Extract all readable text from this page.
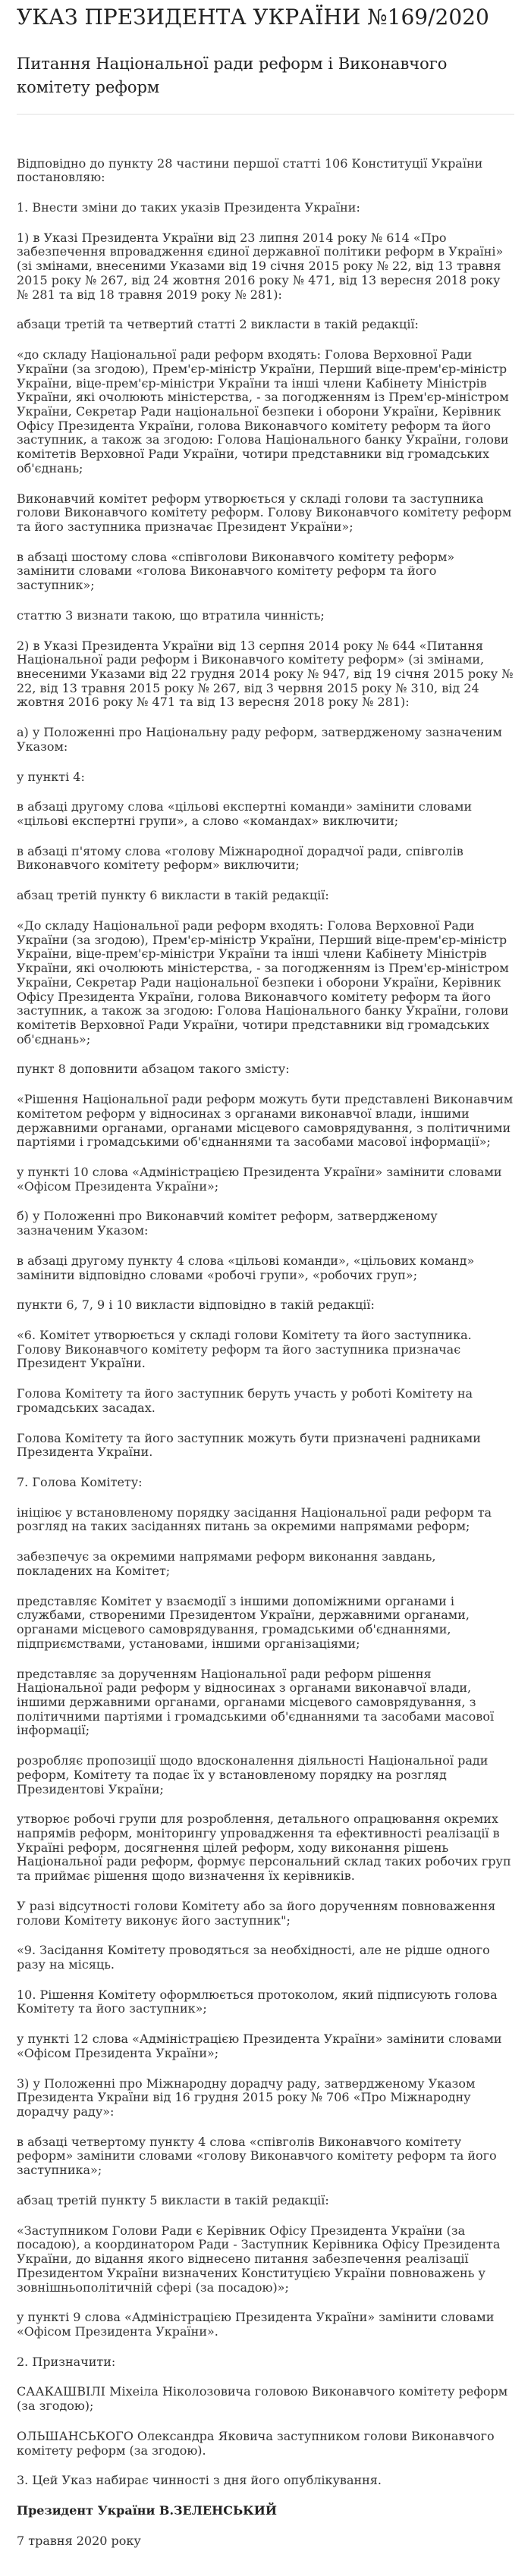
УКАЗ ПРЕЗИДЕНТА УКРАЇНИ №169/2020
Питання Національної ради реформ і Виконавчого комітету реформ

Відповідно до пункту 28 частини першої статті 106 Конституції України постановляю:

1. Внести зміни до таких указів Президента України:

1) в Указі Президента України від 23 липня 2014 року № 614 «Про забезпечення впровадження єдиної державної політики реформ в Україні» (зі змінами, внесеними Указами від 19 січня 2015 року № 22, від 13 травня 2015 року № 267, від 24 жовтня 2016 року № 471, від 13 вересня 2018 року № 281 та від 18 травня 2019 року № 281):

абзаци третій та четвертий статті 2 викласти в такій редакції:

«до складу Національної ради реформ входять: Голова Верховної Ради України (за згодою), Прем'єр-міністр України, Перший віце-прем'єр-міністр України, віце-прем'єр-міністри України та інші члени Кабінету Міністрів України, які очолюють міністерства, - за погодженням із Прем'єр-міністром України, Секретар Ради національної безпеки і оборони України, Керівник Офісу Президента України, голова Виконавчого комітету реформ та його заступник, а також за згодою: Голова Національного банку України, голови комітетів Верховної Ради України, чотири представники від громадських об'єднань;

Виконавчий комітет реформ утворюється у складі голови та заступника голови Виконавчого комітету реформ. Голову Виконавчого комітету реформ та його заступника призначає Президент України»;

в абзаці шостому слова «співголови Виконавчого комітету реформ» замінити словами «голова Виконавчого комітету реформ та його заступник»;

статтю 3 визнати такою, що втратила чинність;

2) в Указі Президента України від 13 серпня 2014 року № 644 «Питання Національної ради реформ і Виконавчого комітету реформ» (зі змінами, внесеними Указами від 22 грудня 2014 року № 947, від 19 січня 2015 року № 22, від 13 травня 2015 року № 267, від 3 червня 2015 року № 310, від 24 жовтня 2016 року № 471 та від 13 вересня 2018 року № 281):

а) у Положенні про Національну раду реформ, затвердженому зазначеним Указом:

у пункті 4:

в абзаці другому слова «цільові експертні команди» замінити словами «цільові експертні групи», а слово «командах» виключити;

в абзаці п'ятому слова «голову Міжнародної дорадчої ради, співголів Виконавчого комітету реформ» виключити;

абзац третій пункту 6 викласти в такій редакції:

«До складу Національної ради реформ входять: Голова Верховної Ради України (за згодою), Прем'єр-міністр України, Перший віце-прем'єр-міністр України, віце-прем'єр-міністри України та інші члени Кабінету Міністрів України, які очолюють міністерства, - за погодженням із Прем'єр-міністром України, Секретар Ради національної безпеки і оборони України, Керівник Офісу Президента України, голова Виконавчого комітету реформ та його заступник, а також за згодою: Голова Національного банку України, голови комітетів Верховної Ради України, чотири представники від громадських об'єднань»;

пункт 8 доповнити абзацом такого змісту:

«Рішення Національної ради реформ можуть бути представлені Виконавчим комітетом реформ у відносинах з органами виконавчої влади, іншими державними органами, органами місцевого самоврядування, з політичними партіями і громадськими об'єднаннями та засобами масової інформації»;

у пункті 10 слова «Адміністрацією Президента України» замінити словами «Офісом Президента України»;

б) у Положенні про Виконавчий комітет реформ, затвердженому зазначеним Указом:

в абзаці другому пункту 4 слова «цільові команди», «цільових команд» замінити відповідно словами «робочі групи», «робочих груп»;

пункти 6, 7, 9 і 10 викласти відповідно в такій редакції:

«6. Комітет утворюється у складі голови Комітету та його заступника. Голову Виконавчого комітету реформ та його заступника призначає Президент України.

Голова Комітету та його заступник беруть участь у роботі Комітету на громадських засадах.

Голова Комітету та його заступник можуть бути призначені радниками Президента України.

7. Голова Комітету:

ініціює у встановленому порядку засідання Національної ради реформ та розгляд на таких засіданнях питань за окремими напрямами реформ;

забезпечує за окремими напрямами реформ виконання завдань, покладених на Комітет;

представляє Комітет у взаємодії з іншими допоміжними органами і службами, створеними Президентом України, державними органами, органами місцевого самоврядування, громадськими об'єднаннями, підприємствами, установами, іншими організаціями;

представляє за дорученням Національної ради реформ рішення Національної ради реформ у відносинах з органами виконавчої влади, іншими державними органами, органами місцевого самоврядування, з політичними партіями і громадськими об'єднаннями та засобами масової інформації;

розробляє пропозиції щодо вдосконалення діяльності Національної ради реформ, Комітету та подає їх у встановленому порядку на розгляд Президентові України;

утворює робочі групи для розроблення, детального опрацювання окремих напрямів реформ, моніторингу упровадження та ефективності реалізації в Україні реформ, досягнення цілей реформ, ходу виконання рішень Національної ради реформ, формує персональний склад таких робочих груп та приймає рішення щодо визначення їх керівників.

У разі відсутності голови Комітету або за його дорученням повноваження голови Комітету виконує його заступник";

«9. Засідання Комітету проводяться за необхідності, але не рідше одного разу на місяць.

10. Рішення Комітету оформлюється протоколом, який підписують голова Комітету та його заступник»;

у пункті 12 слова «Адміністрацією Президента України» замінити словами «Офісом Президента України»;

3) у Положенні про Міжнародну дорадчу раду, затвердженому Указом Президента України від 16 грудня 2015 року № 706 «Про Міжнародну дорадчу раду»:

в абзаці четвертому пункту 4 слова «співголів Виконавчого комітету реформ» замінити словами «голову Виконавчого комітету реформ та його заступника»;

абзац третій пункту 5 викласти в такій редакції:

«Заступником Голови Ради є Керівник Офісу Президента України (за посадою), а координатором Ради - Заступник Керівника Офісу Президента України, до відання якого віднесено питання забезпечення реалізації Президентом України визначених Конституцією України повноважень у зовнішньополітичній сфері (за посадою)»;

у пункті 9 слова «Адміністрацією Президента України» замінити словами «Офісом Президента України».

2. Призначити:

СААКАШВІЛІ Міхеіла Ніколозовича головою Виконавчого комітету реформ (за згодою);

ОЛЬШАНСЬКОГО Олександра Яковича заступником голови Виконавчого комітету реформ (за згодою).

3. Цей Указ набирає чинності з дня його опублікування.

Президент України В.ЗЕЛЕНСЬКИЙ

7 травня 2020 року
